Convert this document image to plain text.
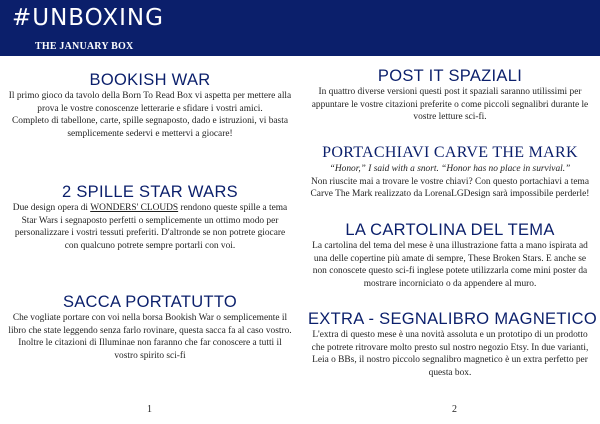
#UNBOXING
THE JANUARY BOX
BOOKISH WAR

Il primo gioco da tavolo della Born To Read Box vi aspetta per mettere alla prova le vostre conoscenze letterarie e sfidare i vostri amici.

Completo di tabellone, carte, spille segnaposto, dado e istruzioni, vi basta semplicemente sedervi e mettervi a giocare!

2 SPILLE STAR WARS

Due design opera di WONDERS' CLOUDS rendono queste spille a tema Star Wars i segnaposto perfetti o semplicemente un ottimo modo per personalizzare i vostri tessuti preferiti. D'altronde se non potrete giocare con qualcuno potrete sempre portarli con voi.

SACCA PORTATUTTO

Che vogliate portare con voi nella borsa Bookish War o semplicemente il libro che state leggendo senza farlo rovinare, questa sacca fa al caso vostro.

Inoltre le citazioni di Illuminae non faranno che far conoscere a tutti il vostro spirito sci-fi

POST IT SPAZIALI

In quattro diverse versioni questi post it spaziali saranno utilissimi per appuntare le vostre citazioni preferite o come piccoli segnalibri durante le vostre letture sci-fi.

PORTACHIAVI CARVE THE MARK

“Honor,” I said with a snort. “Honor has no place in survival.”

Non riuscite mai a trovare le vostre chiavi? Con questo portachiavi a tema Carve The Mark realizzato da LorenaLGDesign sarà impossibile perderle!

LA CARTOLINA DEL TEMA

La cartolina del tema del mese è una illustrazione fatta a mano ispirata ad una delle copertine più amate di sempre, These Broken Stars. E anche se non conoscete questo sci-fi inglese potete utilizzarla come mini poster da mostrare incorniciato o da appendere al muro.

EXTRA - SEGNALIBRO MAGNETICO

L'extra di questo mese è una novità assoluta e un prototipo di un prodotto che potrete ritrovare molto presto sul nostro negozio Etsy. In due varianti, Leia o BBs, il nostro piccolo segnalibro magnetico è un extra perfetto per questa box.

1	2
